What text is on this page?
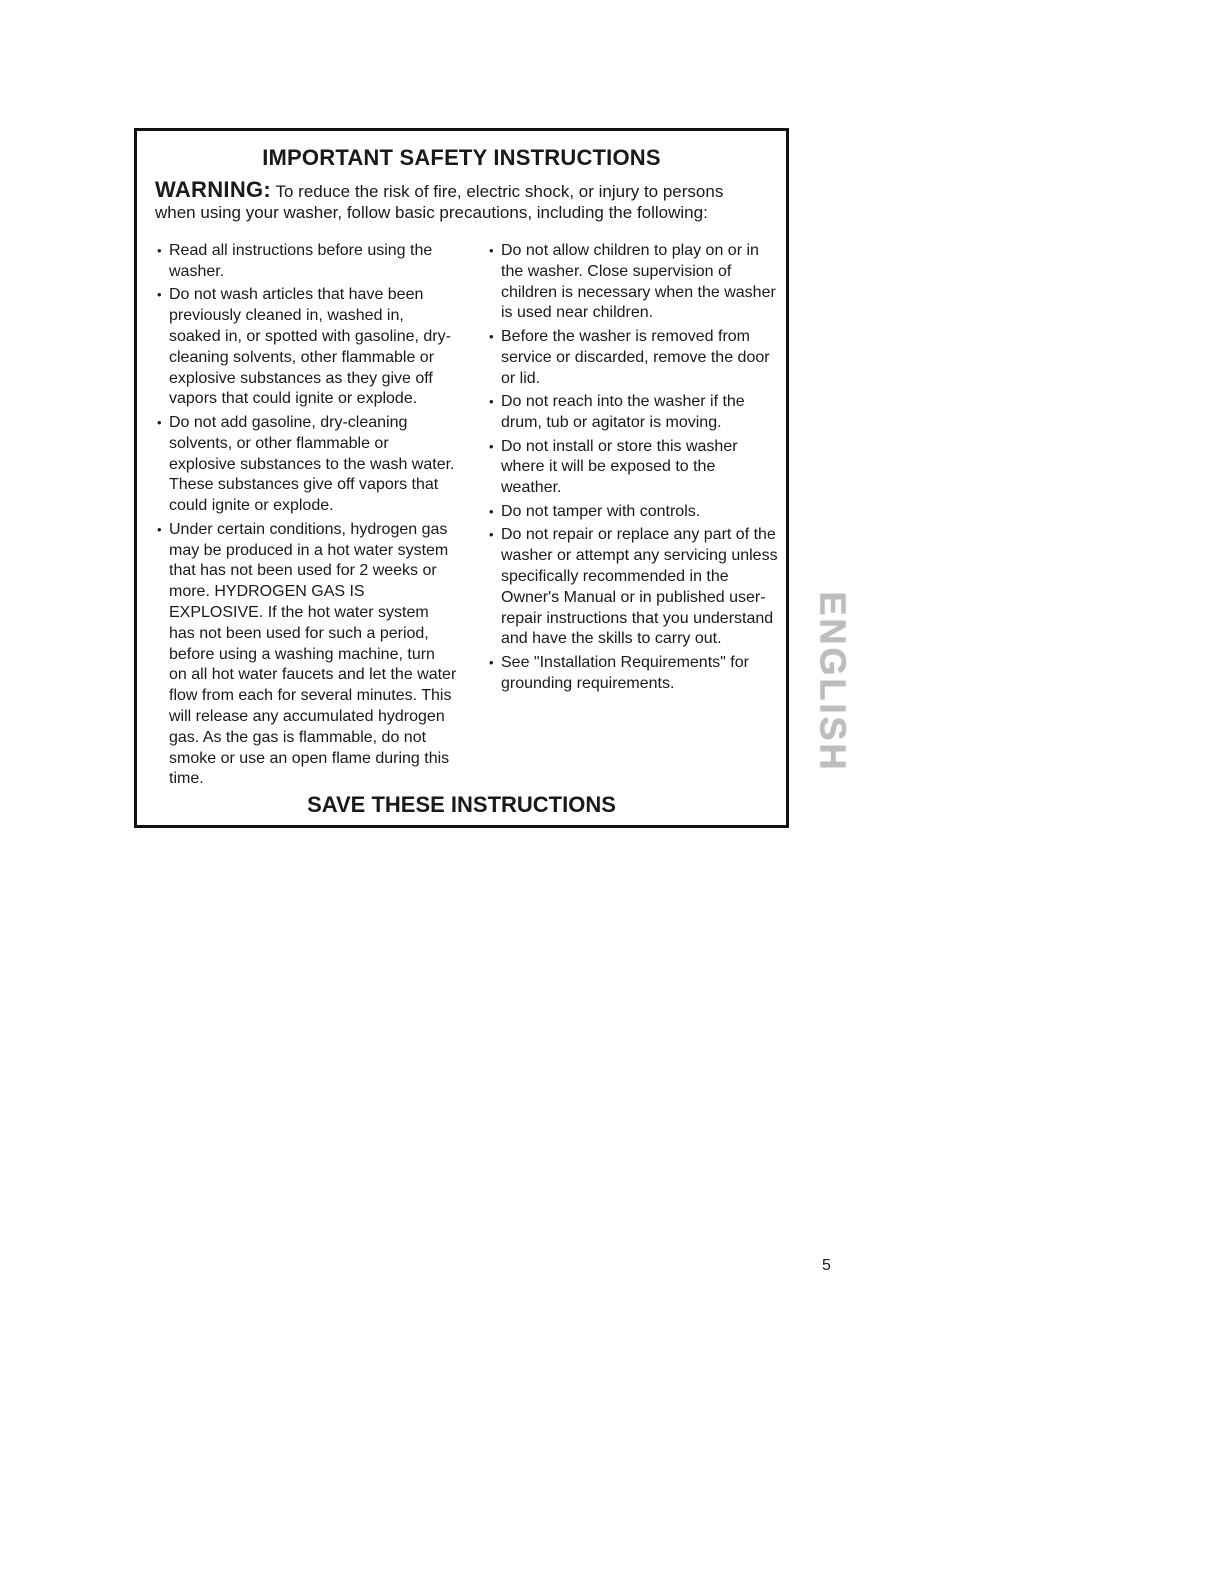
IMPORTANT SAFETY INSTRUCTIONS

WARNING: To reduce the risk of fire, electric shock, or injury to persons when using your washer, follow basic precautions, including the following:

• Read all instructions before using the washer.
• Do not wash articles that have been previously cleaned in, washed in, soaked in, or spotted with gasoline, dry-cleaning solvents, other flammable or explosive substances as they give off vapors that could ignite or explode.
• Do not add gasoline, dry-cleaning solvents, or other flammable or explosive substances to the wash water. These substances give off vapors that could ignite or explode.
• Under certain conditions, hydrogen gas may be produced in a hot water system that has not been used for 2 weeks or more. HYDROGEN GAS IS EXPLOSIVE. If the hot water system has not been used for such a period, before using a washing machine, turn on all hot water faucets and let the water flow from each for several minutes. This will release any accumulated hydrogen gas. As the gas is flammable, do not smoke or use an open flame during this time.
• Do not allow children to play on or in the washer. Close supervision of children is necessary when the washer is used near children.
• Before the washer is removed from service or discarded, remove the door or lid.
• Do not reach into the washer if the drum, tub or agitator is moving.
• Do not install or store this washer where it will be exposed to the weather.
• Do not tamper with controls.
• Do not repair or replace any part of the washer or attempt any servicing unless specifically recommended in the Owner's Manual or in published user-repair instructions that you understand and have the skills to carry out.
• See "Installation Requirements" for grounding requirements.
SAVE THESE INSTRUCTIONS
ENGLISH
5
